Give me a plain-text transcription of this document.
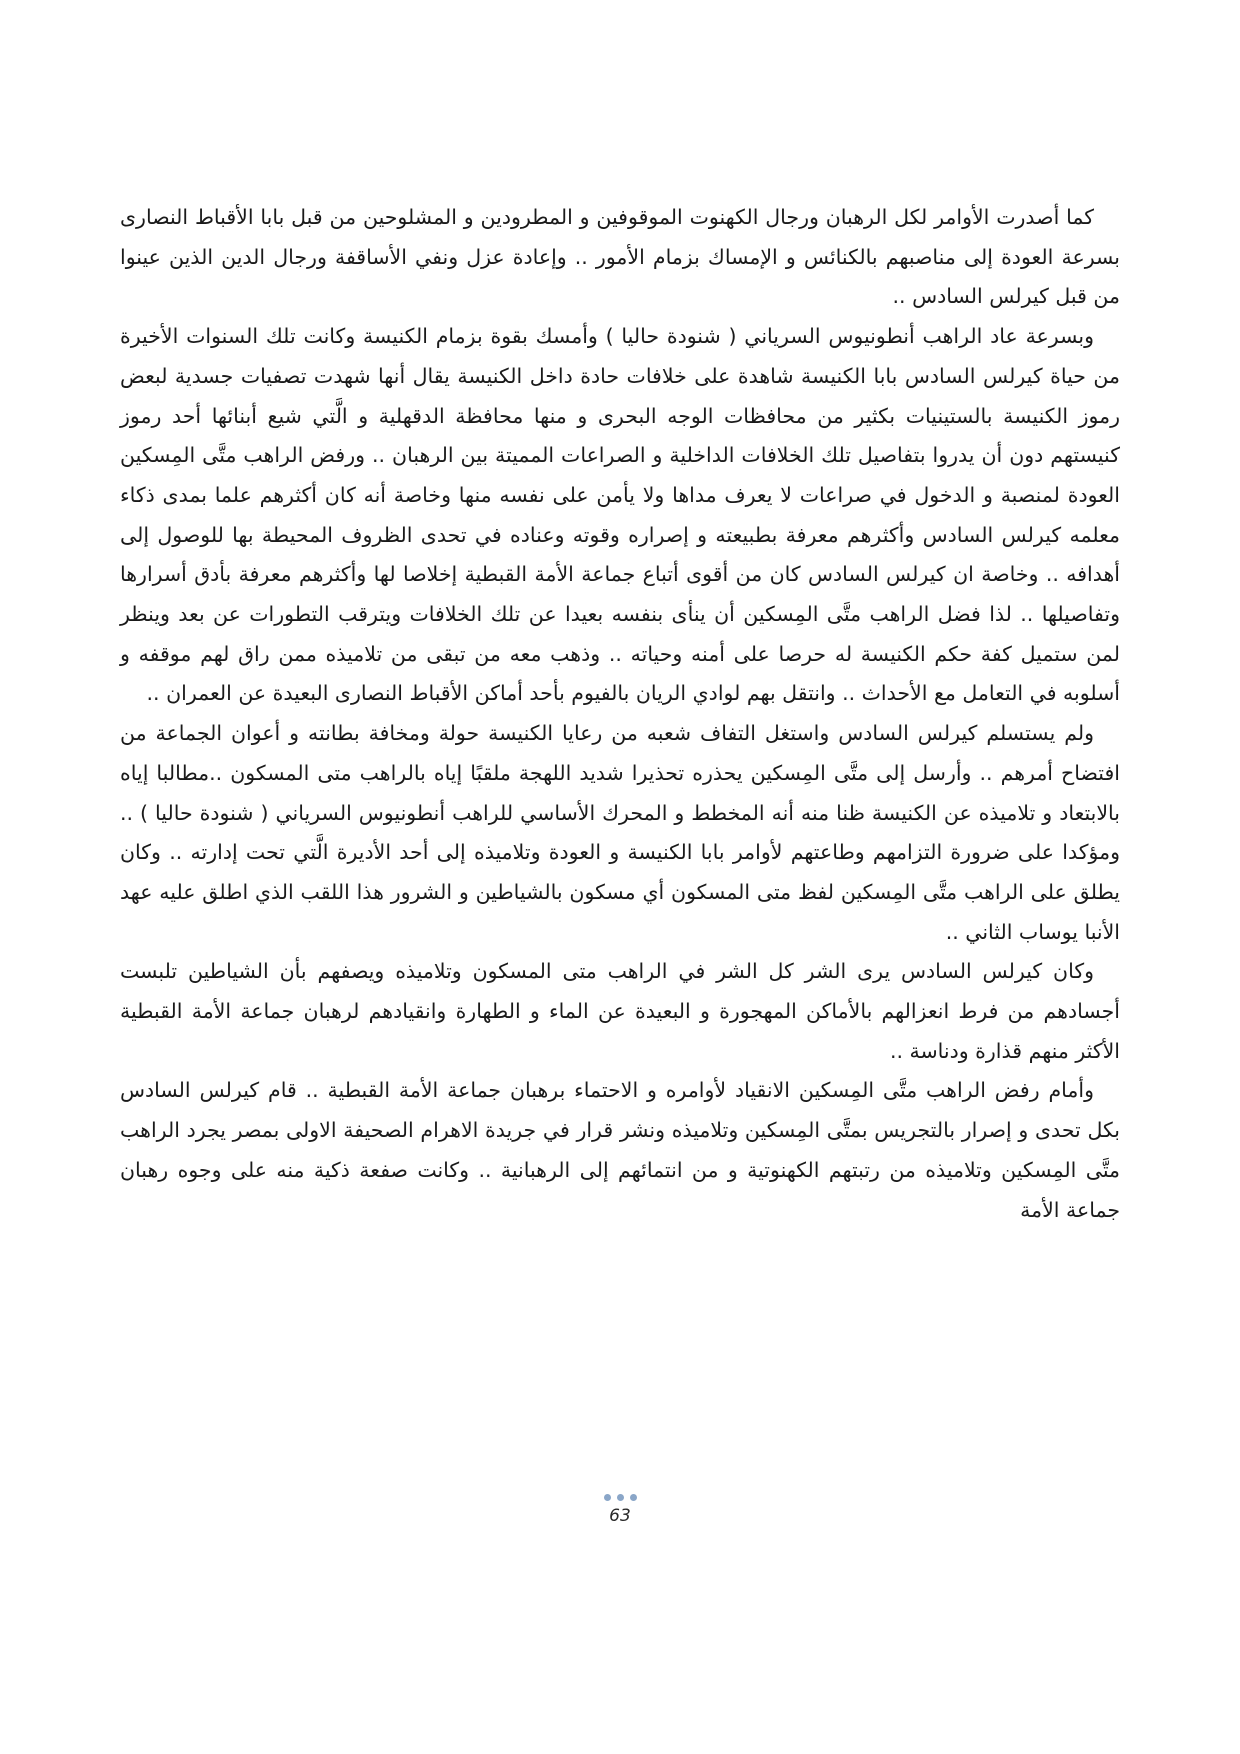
كما أصدرت الأوامر لكل الرهبان ورجال الكهنوت الموقوفين و المطرودين و المشلوحين من قبل بابا الأقباط النصارى بسرعة العودة إلى مناصبهم بالكنائس و الإمساك بزمام الأمور .. وإعادة عزل ونفي الأساقفة ورجال الدين الذين عينوا من قبل كيرلس السادس ..

وبسرعة عاد الراهب أنطونيوس السرياني ( شنودة حاليا ) وأمسك بقوة بزمام الكنيسة وكانت تلك السنوات الأخيرة من حياة كيرلس السادس بابا الكنيسة شاهدة على خلافات حادة داخل الكنيسة يقال أنها شهدت تصفيات جسدية لبعض رموز الكنيسة بالستينيات بكثير من محافظات الوجه البحرى و منها محافظة الدقهلية و الَّتي شيع أبنائها أحد رموز كنيستهم دون أن يدروا بتفاصيل تلك الخلافات الداخلية و الصراعات المميتة بين الرهبان .. ورفض الراهب متَّى المِسكين العودة لمنصبة و الدخول في صراعات لا يعرف مداها ولا يأمن على نفسه منها وخاصة أنه كان أكثرهم علما بمدى ذكاء معلمه كيرلس السادس وأكثرهم معرفة بطبيعته و إصراره وقوته وعناده في تحدى الظروف المحيطة بها للوصول إلى أهدافه .. وخاصة ان كيرلس السادس كان من أقوى أتباع جماعة الأمة القبطية إخلاصا لها وأكثرهم معرفة بأدق أسرارها وتفاصيلها .. لذا فضل الراهب متَّى المِسكين أن ينأى بنفسه بعيدا عن تلك الخلافات ويترقب التطورات عن بعد وينظر لمن ستميل كفة حكم الكنيسة له حرصا على أمنه وحياته .. وذهب معه من تبقى من تلاميذه ممن راق لهم موقفه و أسلوبه في التعامل مع الأحداث .. وانتقل بهم لوادي الريان بالفيوم بأحد أماكن الأقباط النصارى البعيدة عن العمران ..

ولم يستسلم كيرلس السادس واستغل التفاف شعبه من رعايا الكنيسة حولة ومخافة بطانته و أعوان الجماعة من افتضاح أمرهم .. وأرسل إلى متَّى المِسكين يحذره تحذيرا شديد اللهجة ملقبًا إياه بالراهب متى المسكون ..مطالبا إياه بالابتعاد و تلاميذه عن الكنيسة ظنا منه أنه المخطط و المحرك الأساسي للراهب أنطونيوس السرياني ( شنودة حاليا ) .. ومؤكدا على ضرورة التزامهم وطاعتهم لأوامر بابا الكنيسة و العودة وتلاميذه إلى أحد الأديرة الَّتي تحت إدارته .. وكان يطلق على الراهب متَّى المِسكين لفظ متى المسكون أي مسكون بالشياطين و الشرور هذا اللقب الذي اطلق عليه عهد الأنبا يوساب الثاني ..

وكان كيرلس السادس يرى الشر كل الشر في الراهب متى المسكون وتلاميذه ويصفهم بأن الشياطين تلبست أجسادهم من فرط انعزالهم بالأماكن المهجورة و البعيدة عن الماء و الطهارة وانقيادهم لرهبان جماعة الأمة القبطية الأكثر منهم قذارة ودناسة ..

وأمام رفض الراهب متَّى المِسكين الانقياد لأوامره و الاحتماء برهبان جماعة الأمة القبطية .. قام كيرلس السادس بكل تحدى و إصرار بالتجريس بمتَّى المِسكين وتلاميذه ونشر قرار في جريدة الاهرام الصحيفة الاولى بمصر يجرد الراهب متَّى المِسكين وتلاميذه من رتبتهم الكهنوتية و من انتمائهم إلى الرهبانية .. وكانت صفعة ذكية منه على وجوه رهبان جماعة الأمة

63
